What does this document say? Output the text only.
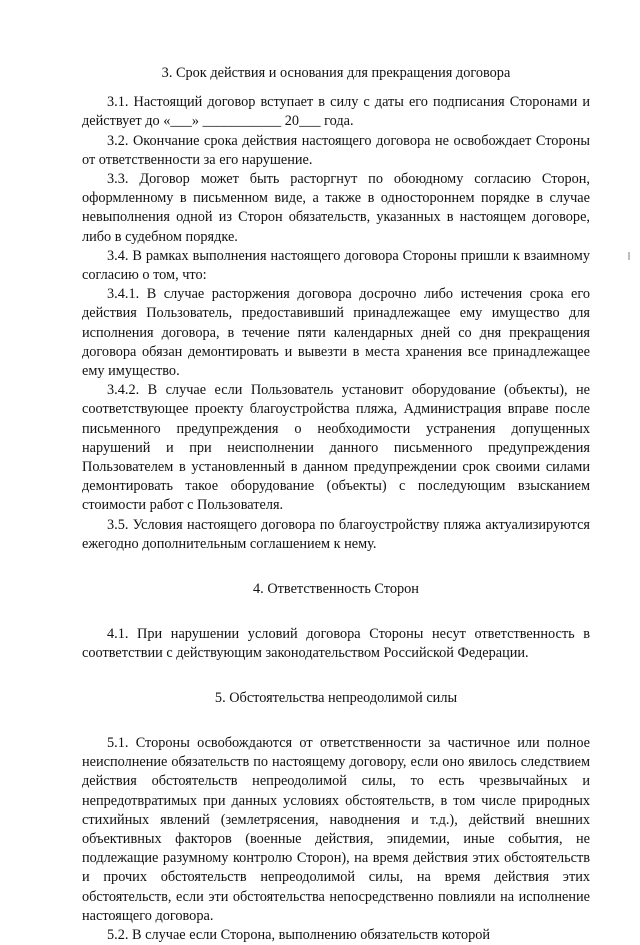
3. Срок действия и основания для прекращения договора

3.1. Настоящий договор вступает в силу с даты его подписания Сторонами и действует до «___» ___________ 20___ года.

3.2. Окончание срока действия настоящего договора не освобождает Стороны от ответственности за его нарушение.

3.3. Договор может быть расторгнут по обоюдному согласию Сторон, оформленному в письменном виде, а также в одностороннем порядке в случае невыполнения одной из Сторон обязательств, указанных в настоящем договоре, либо в судебном порядке.

3.4. В рамках выполнения настоящего договора Стороны пришли к взаимному согласию о том, что:

3.4.1. В случае расторжения договора досрочно либо истечения срока его действия Пользователь, предоставивший принадлежащее ему имущество для исполнения договора, в течение пяти календарных дней со дня прекращения договора обязан демонтировать и вывезти в места хранения все принадлежащее ему имущество.

3.4.2. В случае если Пользователь установит оборудование (объекты), не соответствующее проекту благоустройства пляжа, Администрация вправе после письменного предупреждения о необходимости устранения допущенных нарушений и при неисполнении данного письменного предупреждения Пользователем в установленный в данном предупреждении срок своими силами демонтировать такое оборудование (объекты) с последующим взысканием стоимости работ с Пользователя.

3.5. Условия настоящего договора по благоустройству пляжа актуализируются ежегодно дополнительным соглашением к нему.

4. Ответственность Сторон

4.1. При нарушении условий договора Стороны несут ответственность в соответствии с действующим законодательством Российской Федерации.

5. Обстоятельства непреодолимой силы

5.1. Стороны освобождаются от ответственности за частичное или полное неисполнение обязательств по настоящему договору, если оно явилось следствием действия обстоятельств непреодолимой силы, то есть чрезвычайных и непредотвратимых при данных условиях обстоятельств, в том числе природных стихийных явлений (землетрясения, наводнения и т.д.), действий внешних объективных факторов (военные действия, эпидемии, иные события, не подлежащие разумному контролю Сторон), на время действия этих обстоятельств и прочих обстоятельств непреодолимой силы, на время действия этих обстоятельств, если эти обстоятельства непосредственно повлияли на исполнение настоящего договора.

5.2. В случае если Сторона, выполнению обязательств которой
